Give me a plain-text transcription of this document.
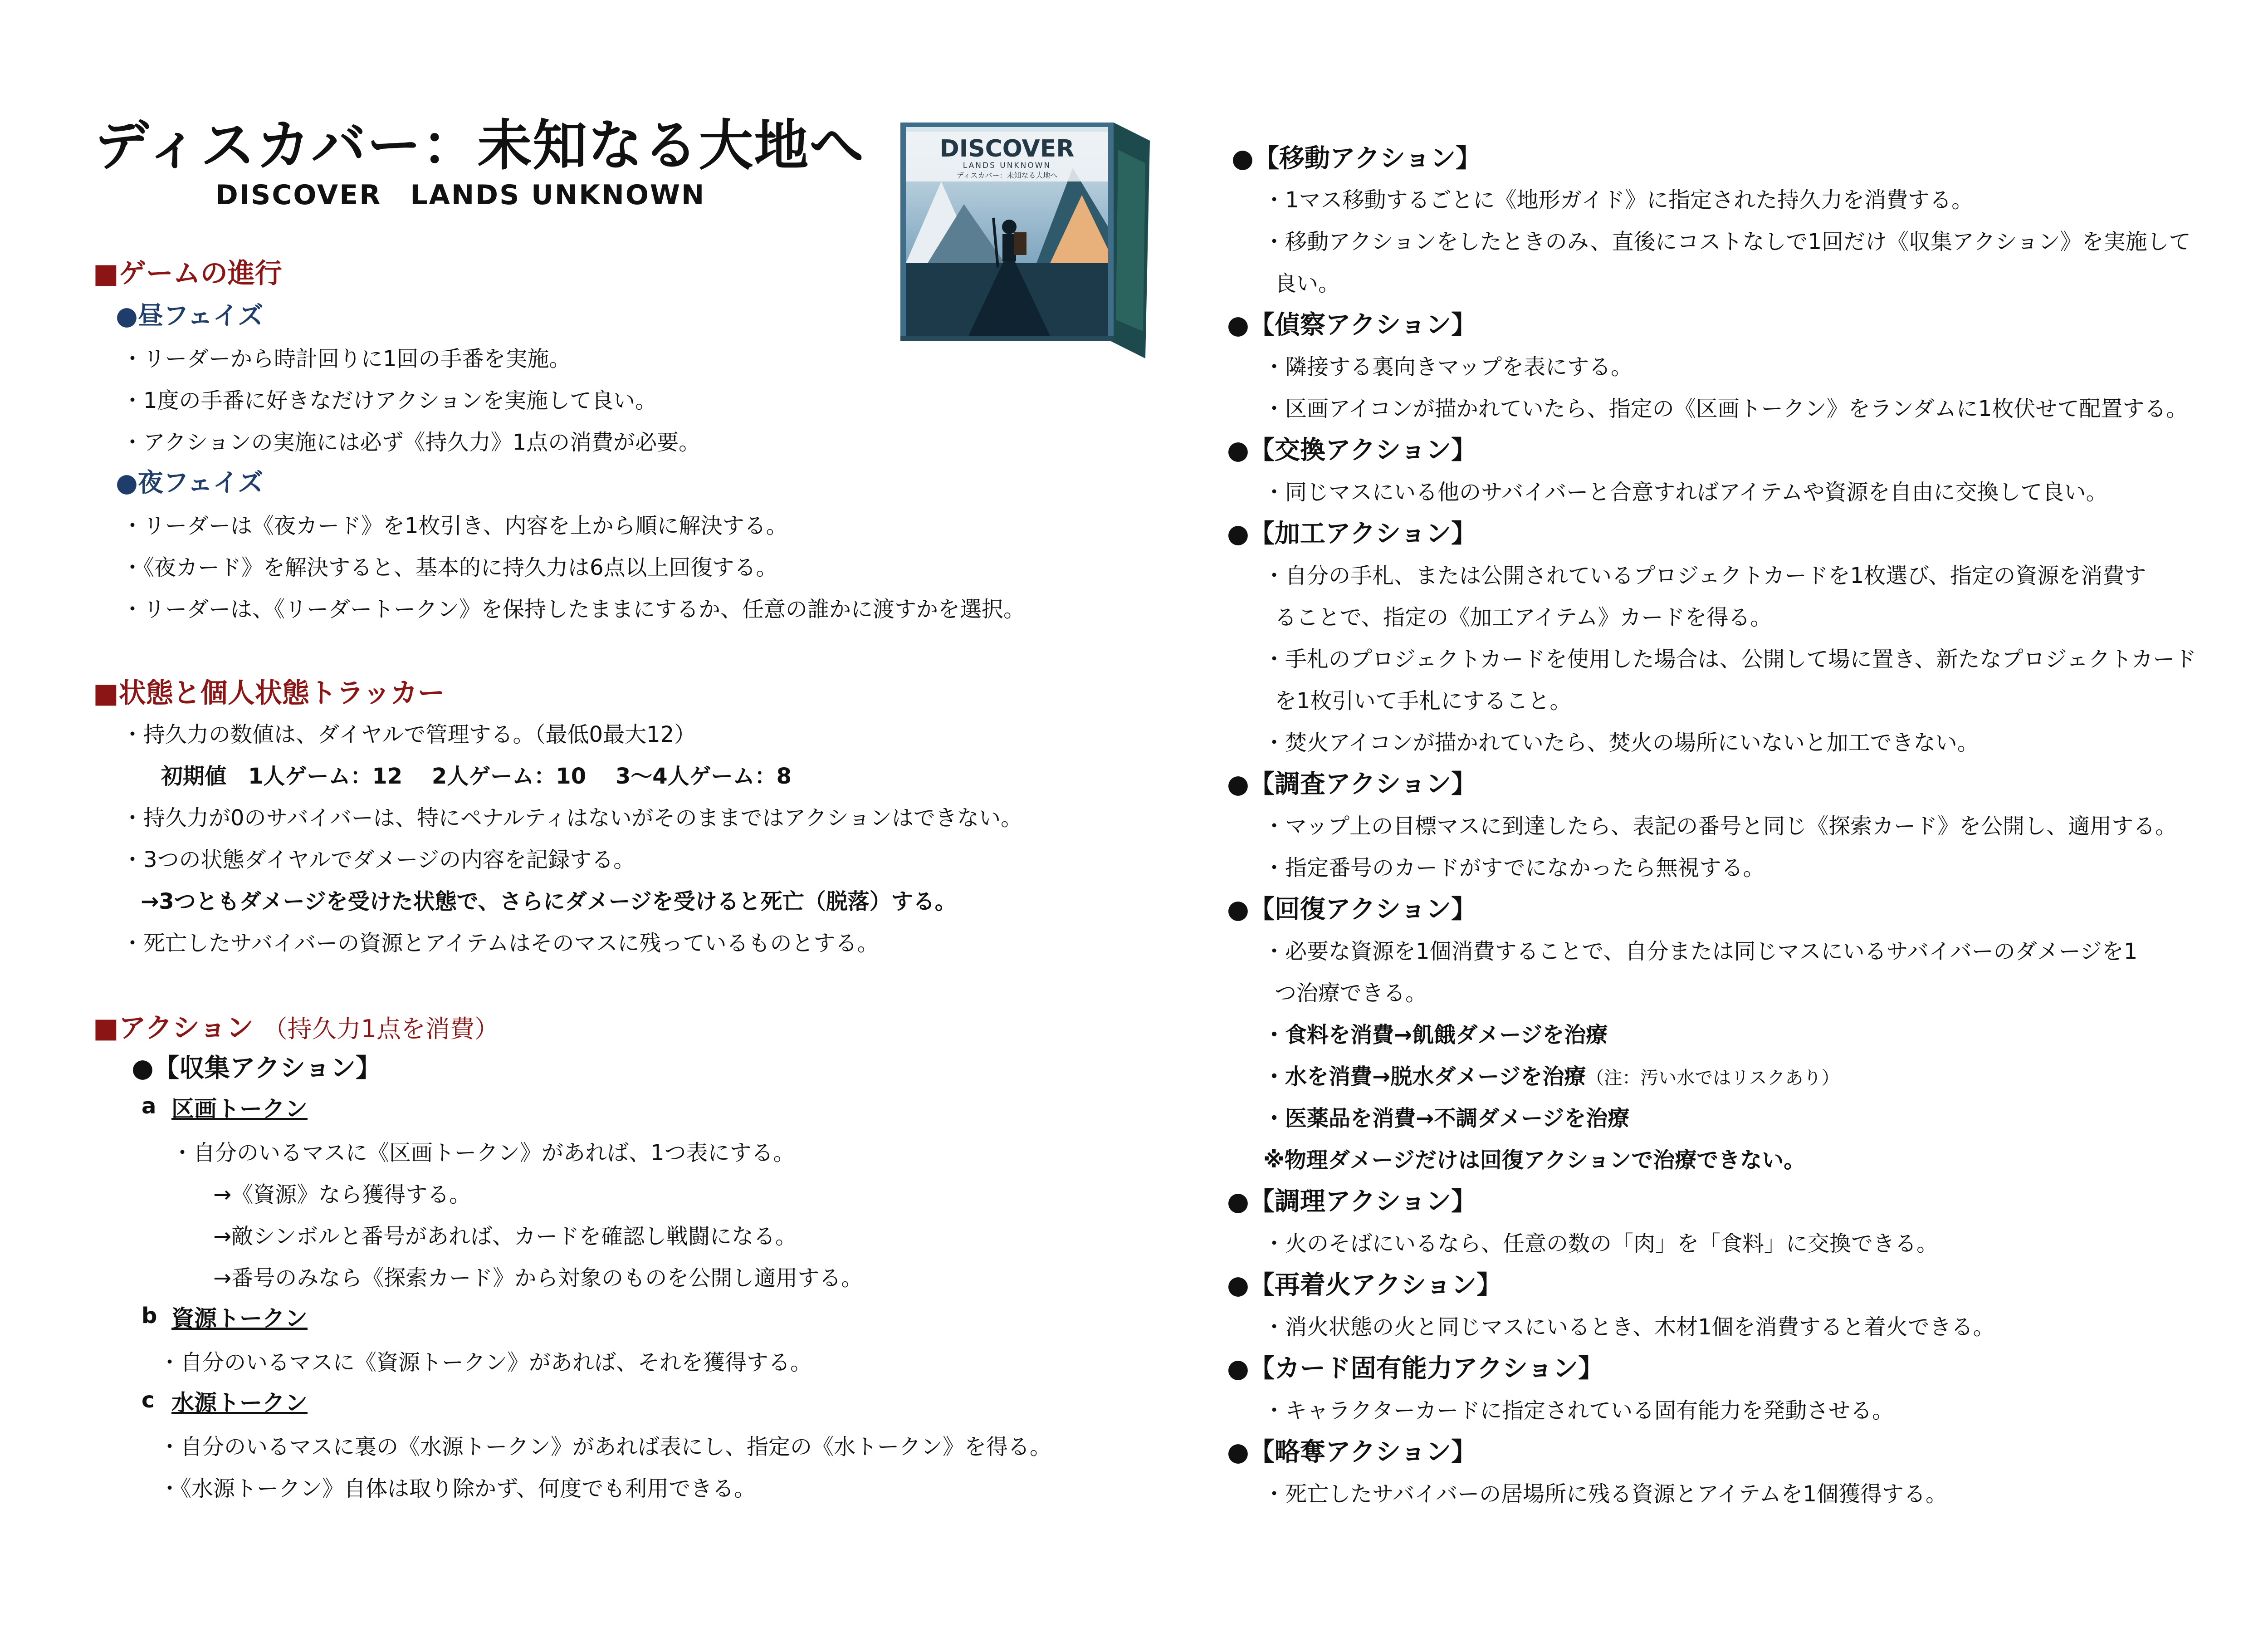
ディスカバー：未知なる大地へ
DISCOVER　LANDS UNKNOWN
DISCOVER
LANDS UNKNOWN
ディスカバー：未知なる大地へ
■ゲームの進行
●昼フェイズ
・リーダーから時計回りに1回の手番を実施。
・1度の手番に好きなだけアクションを実施して良い。
・アクションの実施には必ず《持久力》1点の消費が必要。
●夜フェイズ
・リーダーは《夜カード》を1枚引き、内容を上から順に解決する。
・《夜カード》を解決すると、基本的に持久力は6点以上回復する。
・リーダーは、《リーダートークン》を保持したままにするか、任意の誰かに渡すかを選択。
■状態と個人状態トラッカー
・持久力の数値は、ダイヤルで管理する。（最低0最大12）
初期値　1人ゲーム：12　 2人ゲーム：10　 3～4人ゲーム：8
・持久力が0のサバイバーは、特にペナルティはないがそのままではアクションはできない。
・3つの状態ダイヤルでダメージの内容を記録する。
→3つともダメージを受けた状態で、さらにダメージを受けると死亡（脱落）する。
・死亡したサバイバーの資源とアイテムはそのマスに残っているものとする。
■アクション （持久力1点を消費）
●【収集アクション】
a 区画トークン
・自分のいるマスに《区画トークン》があれば、1つ表にする。
→《資源》なら獲得する。
→敵シンボルと番号があれば、カードを確認し戦闘になる。
→番号のみなら《探索カード》から対象のものを公開し適用する。
b 資源トークン
・自分のいるマスに《資源トークン》があれば、それを獲得する。
c 水源トークン
・自分のいるマスに裏の《水源トークン》があれば表にし、指定の《水トークン》を得る。
・《水源トークン》自体は取り除かず、何度でも利用できる。
●【移動アクション】
・1マス移動するごとに《地形ガイド》に指定された持久力を消費する。
・移動アクションをしたときのみ、直後にコストなしで1回だけ《収集アクション》を実施して
良い。
●【偵察アクション】
・隣接する裏向きマップを表にする。
・区画アイコンが描かれていたら、指定の《区画トークン》をランダムに1枚伏せて配置する。
●【交換アクション】
・同じマスにいる他のサバイバーと合意すればアイテムや資源を自由に交換して良い。
●【加工アクション】
・自分の手札、または公開されているプロジェクトカードを1枚選び、指定の資源を消費す
ることで、指定の《加工アイテム》カードを得る。
・手札のプロジェクトカードを使用した場合は、公開して場に置き、新たなプロジェクトカード
を1枚引いて手札にすること。
・焚火アイコンが描かれていたら、焚火の場所にいないと加工できない。
●【調査アクション】
・マップ上の目標マスに到達したら、表記の番号と同じ《探索カード》を公開し、適用する。
・指定番号のカードがすでになかったら無視する。
●【回復アクション】
・必要な資源を1個消費することで、自分または同じマスにいるサバイバーのダメージを1
つ治療できる。
・食料を消費→飢餓ダメージを治療
・水を消費→脱水ダメージを治療（注：汚い水ではリスクあり）
・医薬品を消費→不調ダメージを治療
※物理ダメージだけは回復アクションで治療できない。
●【調理アクション】
・火のそばにいるなら、任意の数の「肉」を「食料」に交換できる。
●【再着火アクション】
・消火状態の火と同じマスにいるとき、木材1個を消費すると着火できる。
●【カード固有能力アクション】
・キャラクターカードに指定されている固有能力を発動させる。
●【略奪アクション】
・死亡したサバイバーの居場所に残る資源とアイテムを1個獲得する。
